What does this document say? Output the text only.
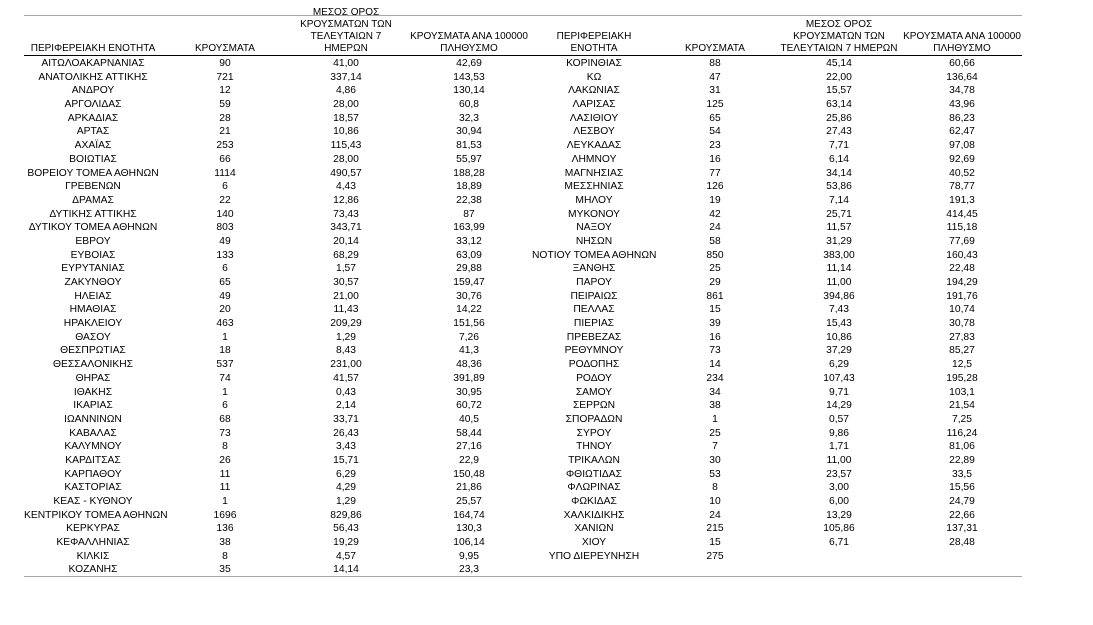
ΠΕΡΙΦΕΡΕΙΑΚΗ ΕΝΟΤΗΤΑ	ΚΡΟΥΣΜΑΤΑ
ΜΕΣΟΣ ΟΡΟΣ
ΚΡΟΥΣΜΑΤΩΝ ΤΩΝ
ΤΕΛΕΥΤΑΙΩΝ 7 ΗΜΕΡΩΝ
ΚΡΟΥΣΜΑΤΑ ΑΝΑ 100000
ΠΛΗΘΥΣΜΟ
ΑΙΤΩΛΟΑΚΑΡΝΑΝΙΑΣ	90	41,00	42,69
ΑΝΑΤΟΛΙΚΗΣ ΑΤΤΙΚΗΣ	721	337,14	143,53
ΑΝΔΡΟΥ	12	4,86	130,14
ΑΡΓΟΛΙΔΑΣ	59	28,00	60,8
ΑΡΚΑΔΙΑΣ	28	18,57	32,3
ΑΡΤΑΣ	21	10,86	30,94
ΑΧΑΪΑΣ	253	115,43	81,53
ΒΟΙΩΤΙΑΣ	66	28,00	55,97
ΒΟΡΕΙΟΥ ΤΟΜΕΑ ΑΘΗΝΩΝ	1114	490,57	188,28
ΓΡΕΒΕΝΩΝ	6	4,43	18,89
ΔΡΑΜΑΣ	22	12,86	22,38
ΔΥΤΙΚΗΣ ΑΤΤΙΚΗΣ	140	73,43	87
ΔΥΤΙΚΟΥ ΤΟΜΕΑ ΑΘΗΝΩΝ	803	343,71	163,99
ΕΒΡΟΥ	49	20,14	33,12
ΕΥΒΟΙΑΣ	133	68,29	63,09
ΕΥΡΥΤΑΝΙΑΣ	6	1,57	29,88
ΖΑΚΥΝΘΟΥ	65	30,57	159,47
ΗΛΕΙΑΣ	49	21,00	30,76
ΗΜΑΘΙΑΣ	20	11,43	14,22
ΗΡΑΚΛΕΙΟΥ	463	209,29	151,56
ΘΑΣΟΥ	1	1,29	7,26
ΘΕΣΠΡΩΤΙΑΣ	18	8,43	41,3
ΘΕΣΣΑΛΟΝΙΚΗΣ	537	231,00	48,36
ΘΗΡΑΣ	74	41,57	391,89
ΙΘΑΚΗΣ	1	0,43	30,95
ΙΚΑΡΙΑΣ	6	2,14	60,72
ΙΩΑΝΝΙΝΩΝ	68	33,71	40,5
ΚΑΒΑΛΑΣ	73	26,43	58,44
ΚΑΛΥΜΝΟΥ	8	3,43	27,16
ΚΑΡΔΙΤΣΑΣ	26	15,71	22,9
ΚΑΡΠΑΘΟΥ	11	6,29	150,48
ΚΑΣΤΟΡΙΑΣ	11	4,29	21,86
ΚΕΑΣ - ΚΥΘΝΟΥ	1	1,29	25,57
ΚΕΝΤΡΙΚΟΥ ΤΟΜΕΑ ΑΘΗΝΩΝ	1696	829,86	164,74
ΚΕΡΚΥΡΑΣ	136	56,43	130,3
ΚΕΦΑΛΛΗΝΙΑΣ	38	19,29	106,14
ΚΙΛΚΙΣ	8	4,57	9,95
ΚΟΖΑΝΗΣ	35	14,14	23,3
ΠΕΡΙΦΕΡΕΙΑΚΗ ΕΝΟΤΗΤΑ	ΚΡΟΥΣΜΑΤΑ
ΜΕΣΟΣ ΟΡΟΣ
ΚΡΟΥΣΜΑΤΩΝ ΤΩΝ
ΤΕΛΕΥΤΑΙΩΝ 7 ΗΜΕΡΩΝ
ΚΡΟΥΣΜΑΤΑ ΑΝΑ 100000
ΠΛΗΘΥΣΜΟ
ΚΟΡΙΝΘΙΑΣ	88	45,14	60,66
ΚΩ	47	22,00	136,64
ΛΑΚΩΝΙΑΣ	31	15,57	34,78
ΛΑΡΙΣΑΣ	125	63,14	43,96
ΛΑΣΙΘΙΟΥ	65	25,86	86,23
ΛΕΣΒΟΥ	54	27,43	62,47
ΛΕΥΚΑΔΑΣ	23	7,71	97,08
ΛΗΜΝΟΥ	16	6,14	92,69
ΜΑΓΝΗΣΙΑΣ	77	34,14	40,52
ΜΕΣΣΗΝΙΑΣ	126	53,86	78,77
ΜΗΛΟΥ	19	7,14	191,3
ΜΥΚΟΝΟΥ	42	25,71	414,45
ΝΑΞΟΥ	24	11,57	115,18
ΝΗΣΩΝ	58	31,29	77,69
ΝΟΤΙΟΥ ΤΟΜΕΑ ΑΘΗΝΩΝ	850	383,00	160,43
ΞΑΝΘΗΣ	25	11,14	22,48
ΠΑΡΟΥ	29	11,00	194,29
ΠΕΙΡΑΙΩΣ	861	394,86	191,76
ΠΕΛΛΑΣ	15	7,43	10,74
ΠΙΕΡΙΑΣ	39	15,43	30,78
ΠΡΕΒΕΖΑΣ	16	10,86	27,83
ΡΕΘΥΜΝΟΥ	73	37,29	85,27
ΡΟΔΟΠΗΣ	14	6,29	12,5
ΡΟΔΟΥ	234	107,43	195,28
ΣΑΜΟΥ	34	9,71	103,1
ΣΕΡΡΩΝ	38	14,29	21,54
ΣΠΟΡΑΔΩΝ	1	0,57	7,25
ΣΥΡΟΥ	25	9,86	116,24
ΤΗΝΟΥ	7	1,71	81,06
ΤΡΙΚΑΛΩΝ	30	11,00	22,89
ΦΘΙΩΤΙΔΑΣ	53	23,57	33,5
ΦΛΩΡΙΝΑΣ	8	3,00	15,56
ΦΩΚΙΔΑΣ	10	6,00	24,79
ΧΑΛΚΙΔΙΚΗΣ	24	13,29	22,66
ΧΑΝΙΩΝ	215	105,86	137,31
ΧΙΟΥ	15	6,71	28,48
ΥΠΟ ΔΙΕΡΕΥΝΗΣΗ	275
